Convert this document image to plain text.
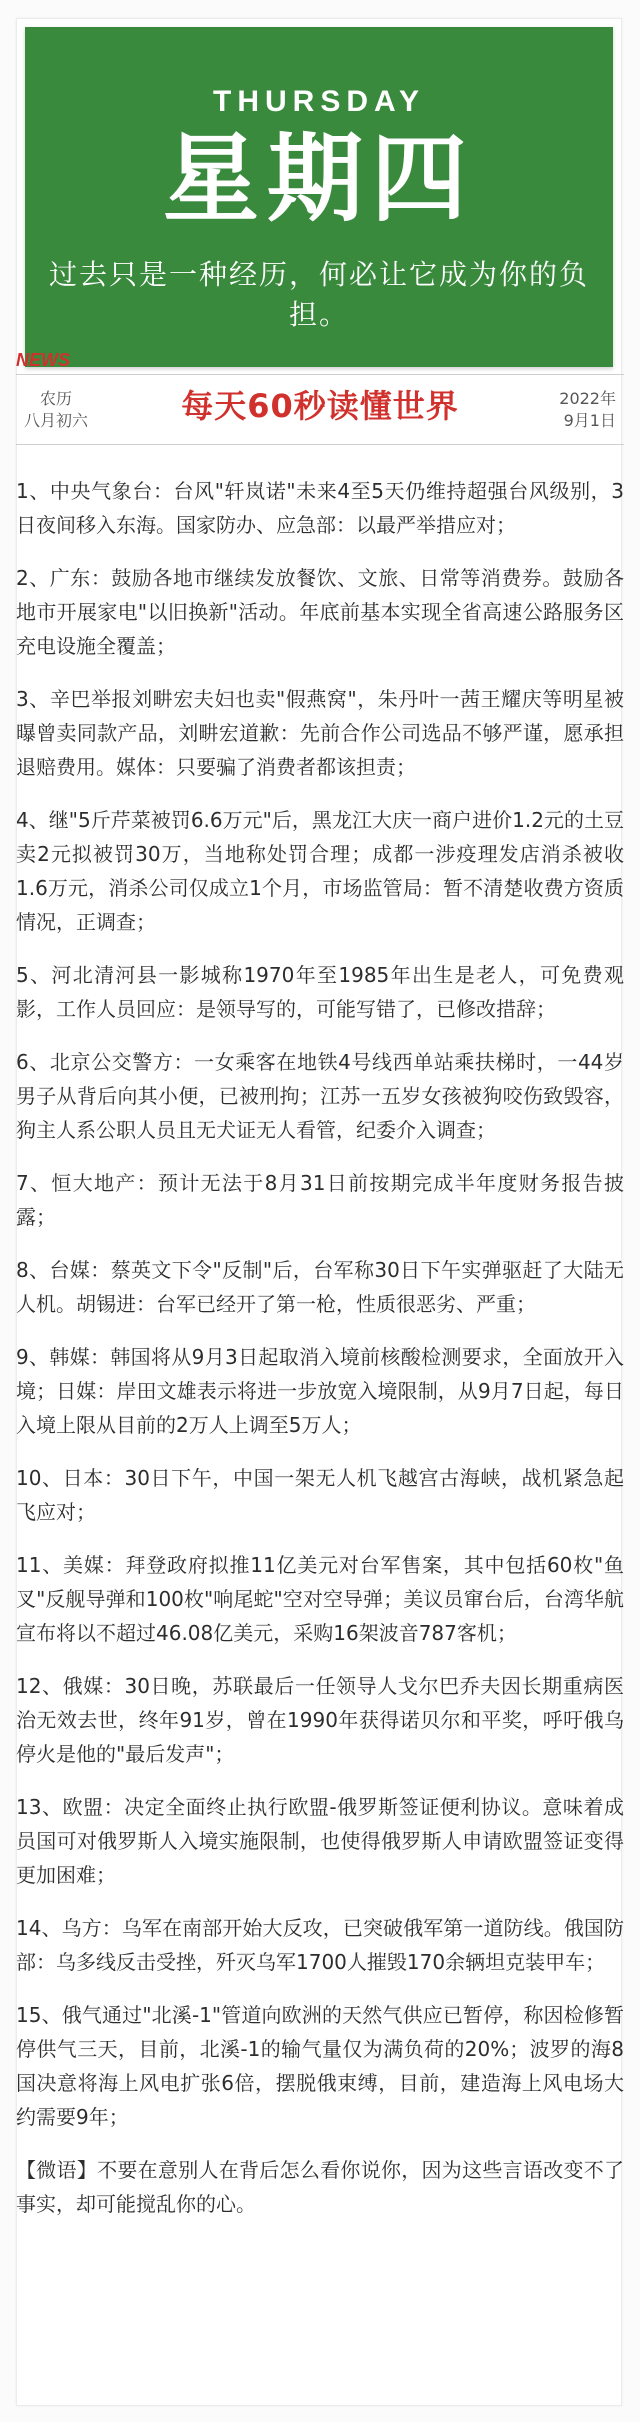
THURSDAY
星期四
过去只是一种经历，何必让它成为你的负担。
NEWS
农历
八月初六	每天60秒读懂世界	2022年
9月1日

1、中央气象台：台风"轩岚诺"未来4至5天仍维持超强台风级别，3日夜间移入东海。国家防办、应急部：以最严举措应对；

2、广东：鼓励各地市继续发放餐饮、文旅、日常等消费券。鼓励各地市开展家电"以旧换新"活动。年底前基本实现全省高速公路服务区充电设施全覆盖；

3、辛巴举报刘畊宏夫妇也卖"假燕窝"，朱丹叶一茜王耀庆等明星被曝曾卖同款产品，刘畊宏道歉：先前合作公司选品不够严谨，愿承担退赔费用。媒体：只要骗了消费者都该担责；

4、继"5斤芹菜被罚6.6万元"后，黑龙江大庆一商户进价1.2元的土豆卖2元拟被罚30万，当地称处罚合理；成都一涉疫理发店消杀被收1.6万元，消杀公司仅成立1个月，市场监管局：暂不清楚收费方资质情况，正调查；

5、河北清河县一影城称1970年至1985年出生是老人，可免费观影，工作人员回应：是领导写的，可能写错了，已修改措辞；

6、北京公交警方：一女乘客在地铁4号线西单站乘扶梯时，一44岁男子从背后向其小便，已被刑拘；江苏一五岁女孩被狗咬伤致毁容，狗主人系公职人员且无犬证无人看管，纪委介入调查；

7、恒大地产：预计无法于8月31日前按期完成半年度财务报告披露；

8、台媒：蔡英文下令"反制"后，台军称30日下午实弹驱赶了大陆无人机。胡锡进：台军已经开了第一枪，性质很恶劣、严重；

9、韩媒：韩国将从9月3日起取消入境前核酸检测要求，全面放开入境；日媒：岸田文雄表示将进一步放宽入境限制，从9月7日起，每日入境上限从目前的2万人上调至5万人；

10、日本：30日下午，中国一架无人机飞越宫古海峡，战机紧急起飞应对；

11、美媒：拜登政府拟推11亿美元对台军售案，其中包括60枚"鱼叉"反舰导弹和100枚"响尾蛇"空对空导弹；美议员窜台后，台湾华航宣布将以不超过46.08亿美元，采购16架波音787客机；

12、俄媒：30日晚，苏联最后一任领导人戈尔巴乔夫因长期重病医治无效去世，终年91岁，曾在1990年获得诺贝尔和平奖，呼吁俄乌停火是他的"最后发声"；

13、欧盟：决定全面终止执行欧盟-俄罗斯签证便利协议。意味着成员国可对俄罗斯人入境实施限制，也使得俄罗斯人申请欧盟签证变得更加困难；

14、乌方：乌军在南部开始大反攻，已突破俄军第一道防线。俄国防部：乌多线反击受挫，歼灭乌军1700人摧毁170余辆坦克装甲车；

15、俄气通过"北溪-1"管道向欧洲的天然气供应已暂停，称因检修暂停供气三天，目前，北溪-1的输气量仅为满负荷的20%；波罗的海8国决意将海上风电扩张6倍，摆脱俄束缚，目前，建造海上风电场大约需要9年；

【微语】不要在意别人在背后怎么看你说你，因为这些言语改变不了事实，却可能搅乱你的心。
